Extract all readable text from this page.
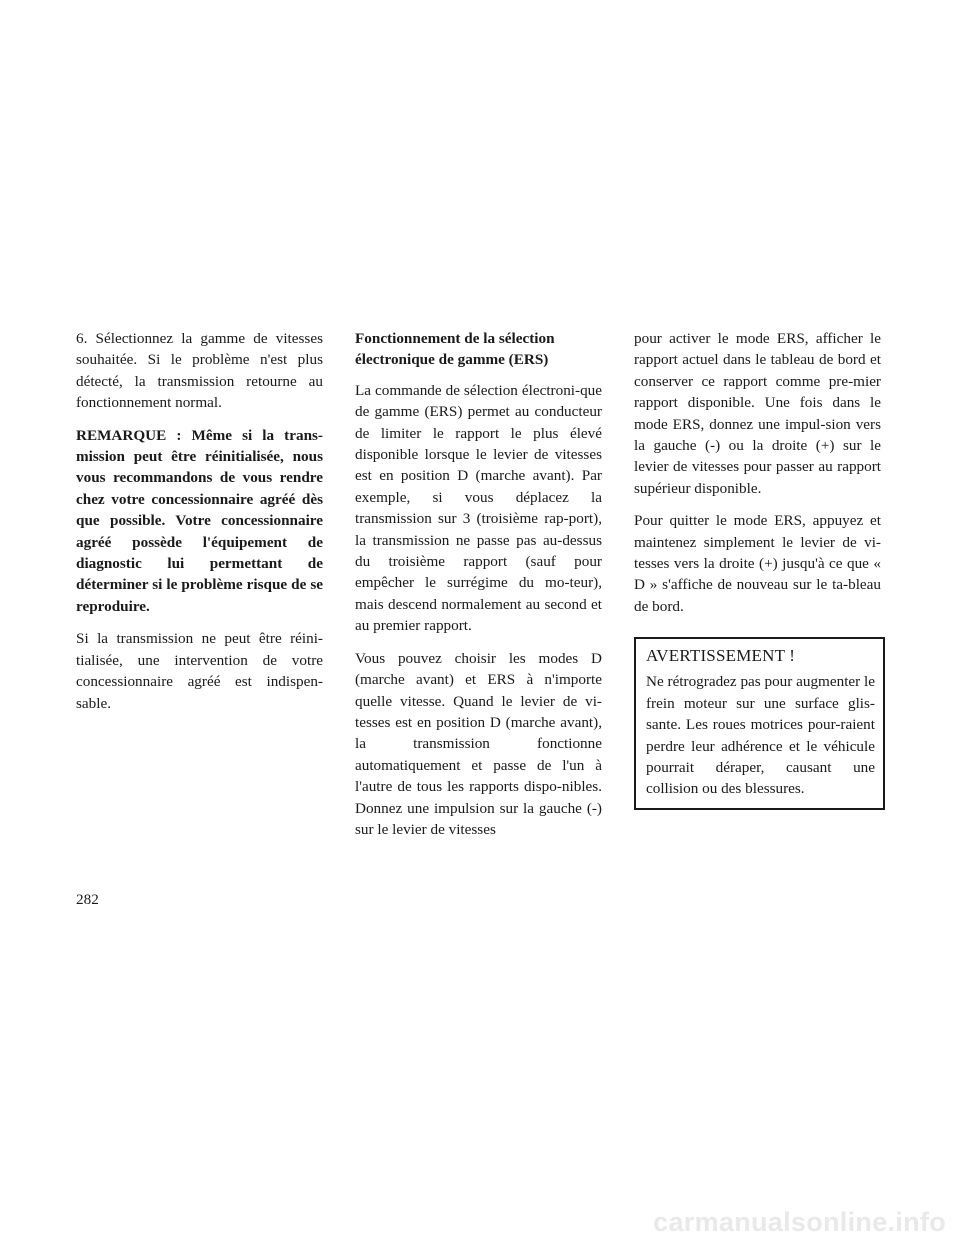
6. Sélectionnez la gamme de vitesses souhaitée. Si le problème n'est plus détecté, la transmission retourne au fonctionnement normal.

REMARQUE : Même si la trans-mission peut être réinitialisée, nous vous recommandons de vous rendre chez votre concessionnaire agréé dès que possible. Votre concessionnaire agréé possède l'équipement de diagnostic lui permettant de déterminer si le problème risque de se reproduire.

Si la transmission ne peut être réini-tialisée, une intervention de votre concessionnaire agréé est indispen-sable.

Fonctionnement de la sélection électronique de gamme (ERS)

La commande de sélection électroni-que de gamme (ERS) permet au conducteur de limiter le rapport le plus élevé disponible lorsque le levier de vitesses est en position D (marche avant). Par exemple, si vous déplacez la transmission sur 3 (troisième rap-port), la transmission ne passe pas au-dessus du troisième rapport (sauf pour empêcher le surrégime du mo-teur), mais descend normalement au second et au premier rapport.

Vous pouvez choisir les modes D (marche avant) et ERS à n'importe quelle vitesse. Quand le levier de vi-tesses est en position D (marche avant), la transmission fonctionne automatiquement et passe de l'un à l'autre de tous les rapports dispo-nibles. Donnez une impulsion sur la gauche (-) sur le levier de vitesses

pour activer le mode ERS, afficher le rapport actuel dans le tableau de bord et conserver ce rapport comme pre-mier rapport disponible. Une fois dans le mode ERS, donnez une impul-sion vers la gauche (-) ou la droite (+) sur le levier de vitesses pour passer au rapport supérieur disponible.

Pour quitter le mode ERS, appuyez et maintenez simplement le levier de vi-tesses vers la droite (+) jusqu'à ce que « D » s'affiche de nouveau sur le ta-bleau de bord.

AVERTISSEMENT !

Ne rétrogradez pas pour augmenter le frein moteur sur une surface glis-sante. Les roues motrices pour-raient perdre leur adhérence et le véhicule pourrait déraper, causant une collision ou des blessures.

282
carmanualsonline.info
